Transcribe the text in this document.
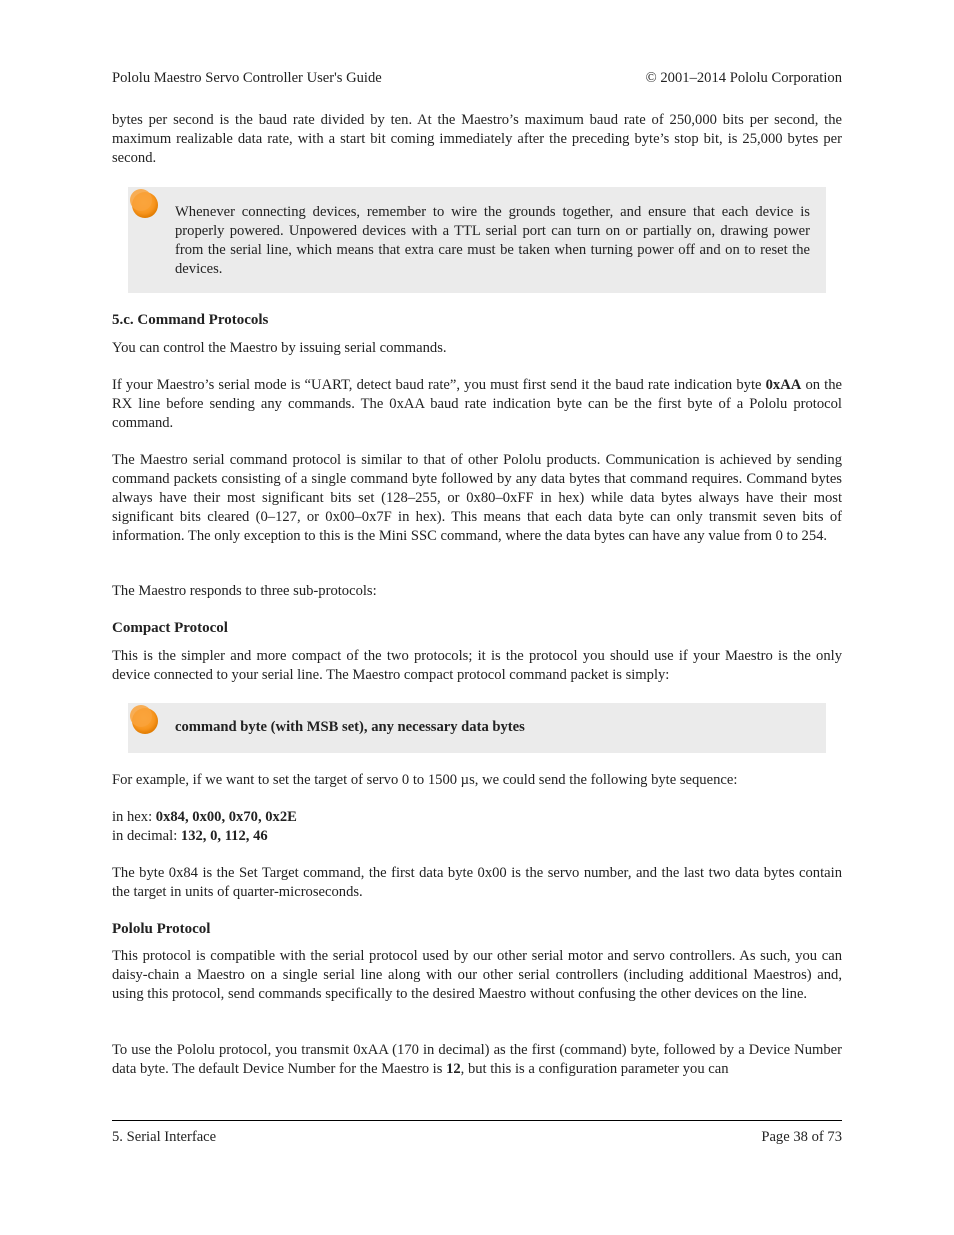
Pololu Maestro Servo Controller User's Guide	© 2001–2014 Pololu Corporation

bytes per second is the baud rate divided by ten. At the Maestro’s maximum baud rate of 250,000 bits per second, the maximum realizable data rate, with a start bit coming immediately after the preceding byte’s stop bit, is 25,000 bytes per second.

Whenever connecting devices, remember to wire the grounds together, and ensure that each device is properly powered. Unpowered devices with a TTL serial port can turn on or partially on, drawing power from the serial line, which means that extra care must be taken when turning power off and on to reset the devices.

5.c. Command Protocols

You can control the Maestro by issuing serial commands.

If your Maestro’s serial mode is “UART, detect baud rate”, you must first send it the baud rate indication byte 0xAA on the RX line before sending any commands. The 0xAA baud rate indication byte can be the first byte of a Pololu protocol command.

The Maestro serial command protocol is similar to that of other Pololu products. Communication is achieved by sending command packets consisting of a single command byte followed by any data bytes that command requires. Command bytes always have their most significant bits set (128–255, or 0x80–0xFF in hex) while data bytes always have their most significant bits cleared (0–127, or 0x00–0x7F in hex). This means that each data byte can only transmit seven bits of information. The only exception to this is the Mini SSC command, where the data bytes can have any value from 0 to 254.

The Maestro responds to three sub-protocols:

Compact Protocol

This is the simpler and more compact of the two protocols; it is the protocol you should use if your Maestro is the only device connected to your serial line. The Maestro compact protocol command packet is simply:

command byte (with MSB set), any necessary data bytes

For example, if we want to set the target of servo 0 to 1500 µs, we could send the following byte sequence:

in hex: 0x84, 0x00, 0x70, 0x2E

in decimal: 132, 0, 112, 46

The byte 0x84 is the Set Target command, the first data byte 0x00 is the servo number, and the last two data bytes contain the target in units of quarter-microseconds.

Pololu Protocol

This protocol is compatible with the serial protocol used by our other serial motor and servo controllers. As such, you can daisy-chain a Maestro on a single serial line along with our other serial controllers (including additional Maestros) and, using this protocol, send commands specifically to the desired Maestro without confusing the other devices on the line.

To use the Pololu protocol, you transmit 0xAA (170 in decimal) as the first (command) byte, followed by a Device Number data byte. The default Device Number for the Maestro is 12, but this is a configuration parameter you can

5. Serial Interface	Page 38 of 73
